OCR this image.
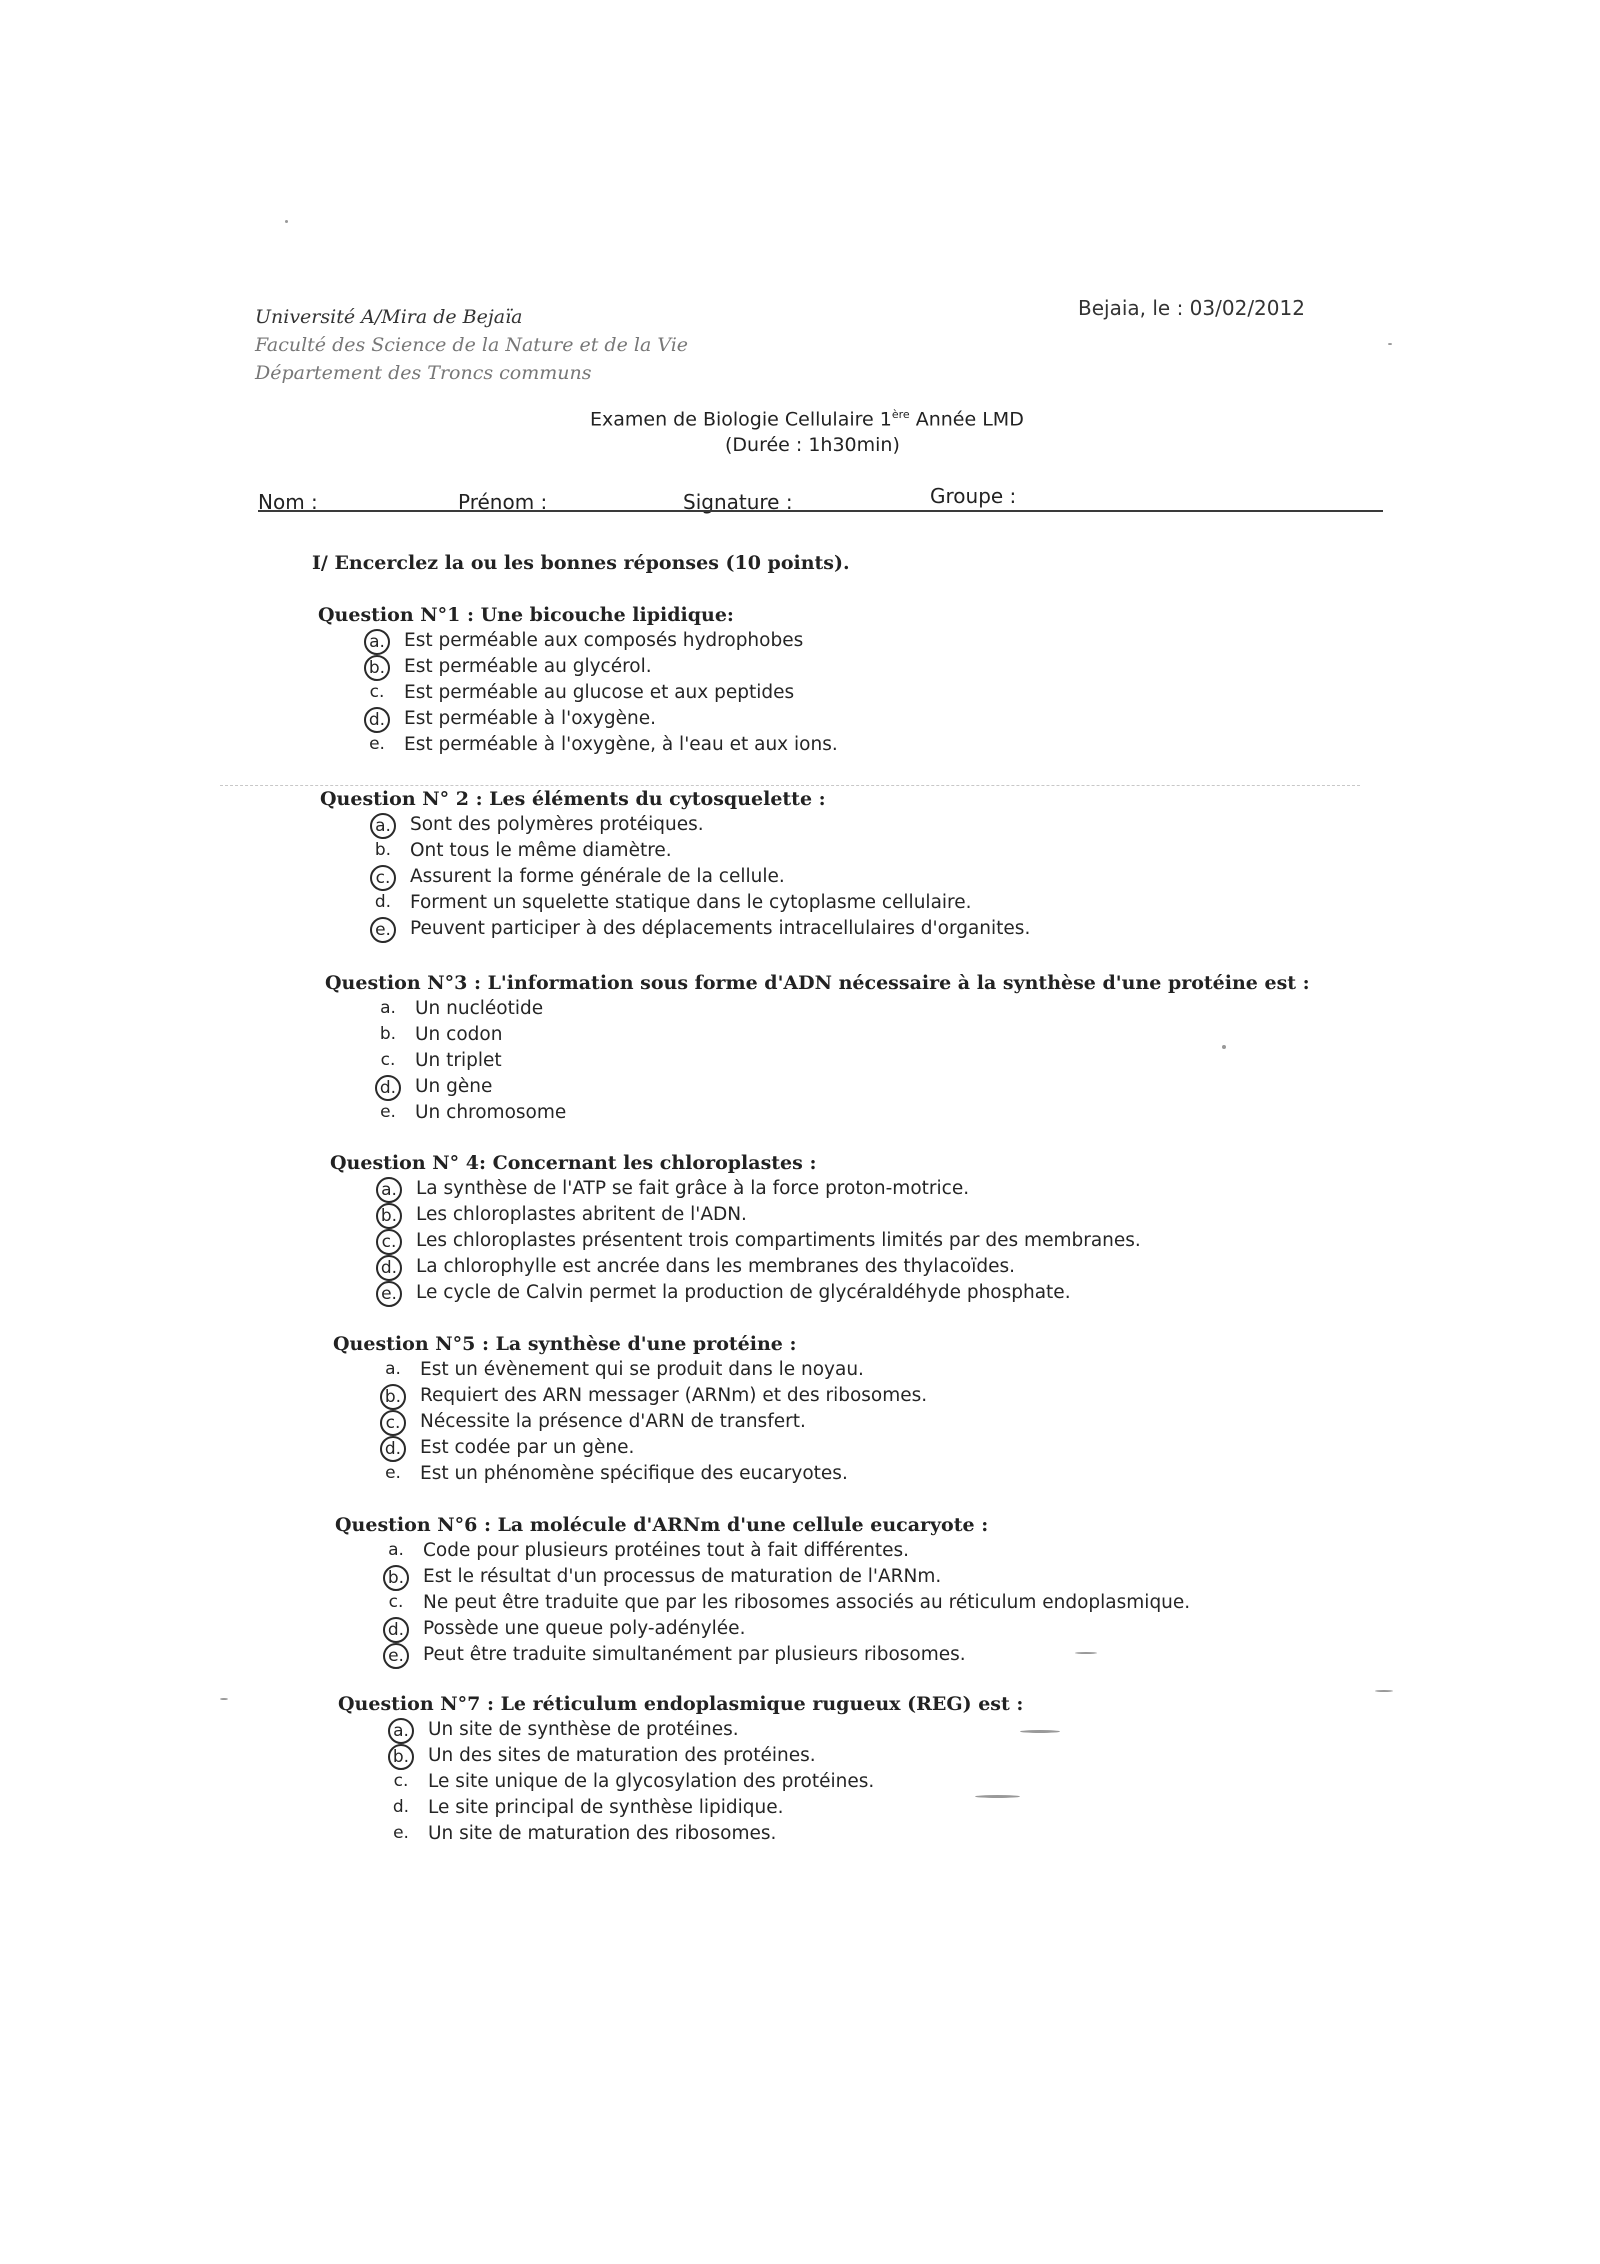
Université A/Mira de Bejaïa
Faculté des Science de la Nature et de la Vie
Département des Troncs communs
Bejaia, le : 03/02/2012
Examen de Biologie Cellulaire 1ère Année LMD
(Durée : 1h30min)
Nom :	Prénom :	Signature :	Groupe :
I/ Encerclez la ou les bonnes réponses (10 points).
Question N°1 : Une bicouche lipidique:
a. Est perméable aux composés hydrophobes
b. Est perméable au glycérol.
c.	Est perméable au glucose et aux peptides
d. Est perméable à l'oxygène.
e. Est perméable à l'oxygène, à l'eau et aux ions.
Question N° 2 : Les éléments du cytosquelette :
a. Sont des polymères protéiques.
b. Ont tous le même diamètre.
c.	Assurent la forme générale de la cellule.
d. Forment un squelette statique dans le cytoplasme cellulaire.
e. Peuvent participer à des déplacements intracellulaires d'organites.
Question N°3 : L'information sous forme d'ADN nécessaire à la synthèse d'une protéine est :
a. Un nucléotide
b. Un codon
c.	Un triplet
d. Un gène
e. Un chromosome
Question N° 4: Concernant les chloroplastes :
a. La synthèse de l'ATP se fait grâce à la force proton-motrice.
b. Les chloroplastes abritent de l'ADN.
c.	Les chloroplastes présentent trois compartiments limités par des membranes.
d. La chlorophylle est ancrée dans les membranes des thylacoïdes.
e. Le cycle de Calvin permet la production de glycéraldéhyde phosphate.
Question N°5 : La synthèse d'une protéine :
a. Est un évènement qui se produit dans le noyau.
b. Requiert des ARN messager (ARNm) et des ribosomes.
c.	Nécessite la présence d'ARN de transfert.
d. Est codée par un gène.
e. Est un phénomène spécifique des eucaryotes.
Question N°6 : La molécule d'ARNm d'une cellule eucaryote :
a. Code pour plusieurs protéines tout à fait différentes.
b. Est le résultat d'un processus de maturation de l'ARNm.
c.	Ne peut être traduite que par les ribosomes associés au réticulum endoplasmique.
d. Possède une queue poly-adénylée.
e. Peut être traduite simultanément par plusieurs ribosomes.
Question N°7 : Le réticulum endoplasmique rugueux (REG) est :
a. Un site de synthèse de protéines.
b. Un des sites de maturation des protéines.
c.	Le site unique de la glycosylation des protéines.
d. Le site principal de synthèse lipidique.
e. Un site de maturation des ribosomes.
